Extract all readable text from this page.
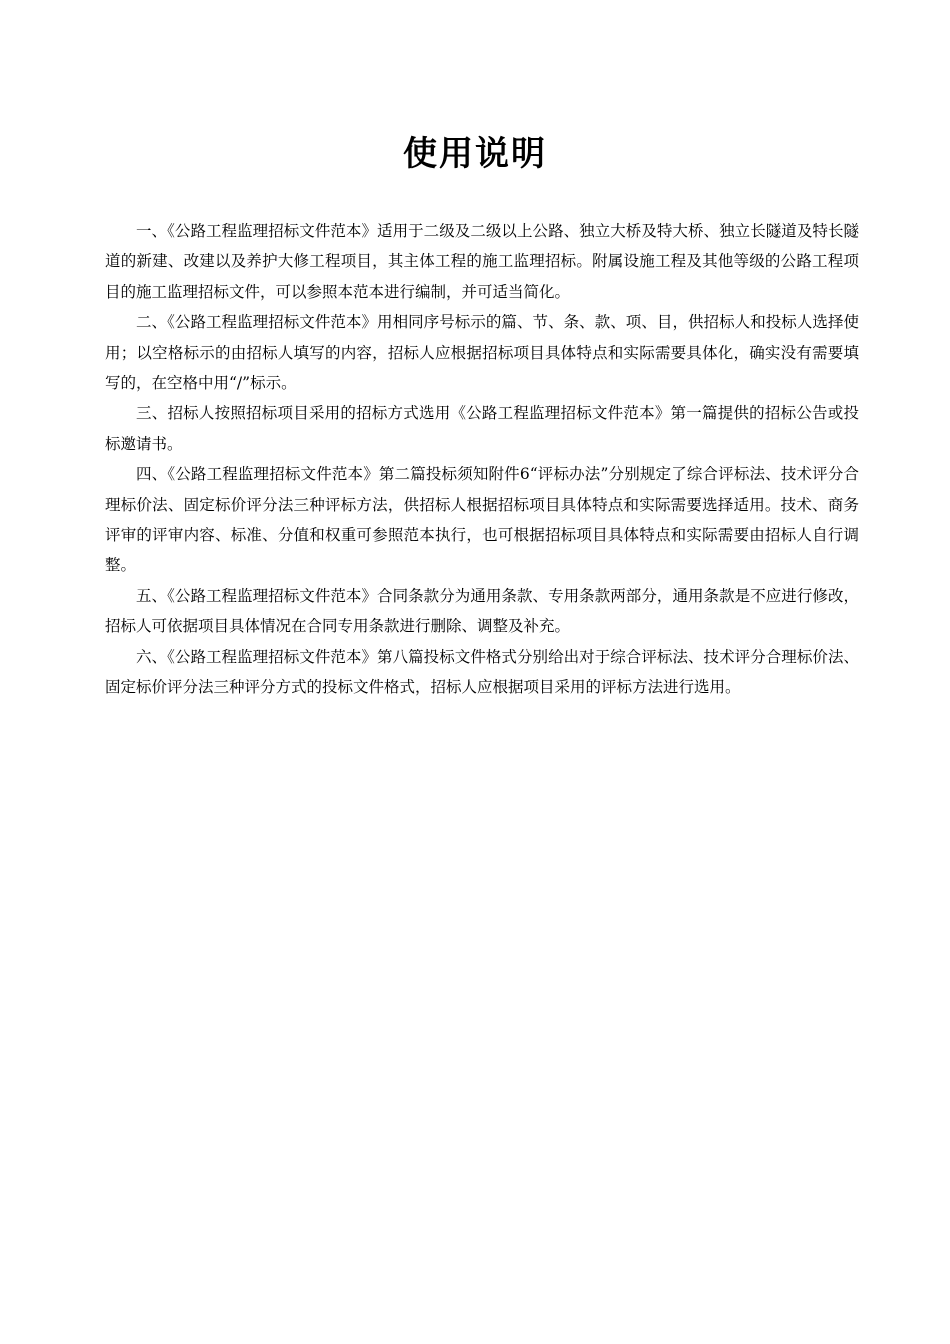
使用说明

一、《公路工程监理招标文件范本》适用于二级及二级以上公路、独立大桥及特大桥、独立长隧道及特长隧道的新建、改建以及养护大修工程项目，其主体工程的施工监理招标。附属设施工程及其他等级的公路工程项目的施工监理招标文件，可以参照本范本进行编制，并可适当简化。

二、《公路工程监理招标文件范本》用相同序号标示的篇、节、条、款、项、目，供招标人和投标人选择使用；以空格标示的由招标人填写的内容，招标人应根据招标项目具体特点和实际需要具体化，确实没有需要填写的，在空格中用“/”标示。

三、招标人按照招标项目采用的招标方式选用《公路工程监理招标文件范本》第一篇提供的招标公告或投标邀请书。

四、《公路工程监理招标文件范本》第二篇投标须知附件6“评标办法”分别规定了综合评标法、技术评分合理标价法、固定标价评分法三种评标方法，供招标人根据招标项目具体特点和实际需要选择适用。技术、商务评审的评审内容、标准、分值和权重可参照范本执行，也可根据招标项目具体特点和实际需要由招标人自行调整。

五、《公路工程监理招标文件范本》合同条款分为通用条款、专用条款两部分，通用条款是不应进行修改，招标人可依据项目具体情况在合同专用条款进行删除、调整及补充。

六、《公路工程监理招标文件范本》第八篇投标文件格式分别给出对于综合评标法、技术评分合理标价法、固定标价评分法三种评分方式的投标文件格式，招标人应根据项目采用的评标方法进行选用。
